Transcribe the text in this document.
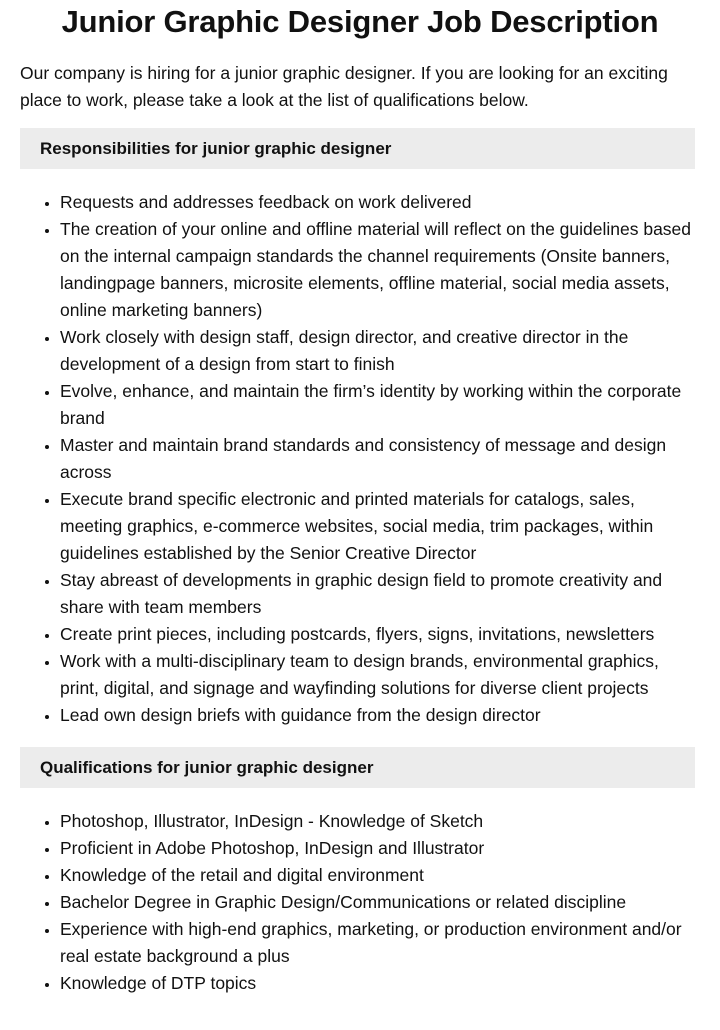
Junior Graphic Designer Job Description

Our company is hiring for a junior graphic designer. If you are looking for an exciting place to work, please take a look at the list of qualifications below.

Responsibilities for junior graphic designer
• Requests and addresses feedback on work delivered
• The creation of your online and offline material will reflect on the guidelines based on the internal campaign standards the channel requirements (Onsite banners, landingpage banners, microsite elements, offline material, social media assets, online marketing banners)
• Work closely with design staff, design director, and creative director in the development of a design from start to finish
• Evolve, enhance, and maintain the firm’s identity by working within the corporate brand
• Master and maintain brand standards and consistency of message and design across
• Execute brand specific electronic and printed materials for catalogs, sales, meeting graphics, e-commerce websites, social media, trim packages, within guidelines established by the Senior Creative Director
• Stay abreast of developments in graphic design field to promote creativity and share with team members
• Create print pieces, including postcards, flyers, signs, invitations, newsletters
• Work with a multi-disciplinary team to design brands, environmental graphics, print, digital, and signage and wayfinding solutions for diverse client projects
• Lead own design briefs with guidance from the design director
Qualifications for junior graphic designer
• Photoshop, Illustrator, InDesign - Knowledge of Sketch
• Proficient in Adobe Photoshop, InDesign and Illustrator
• Knowledge of the retail and digital environment
• Bachelor Degree in Graphic Design/Communications or related discipline
• Experience with high-end graphics, marketing, or production environment and/or real estate background a plus
• Knowledge of DTP topics
